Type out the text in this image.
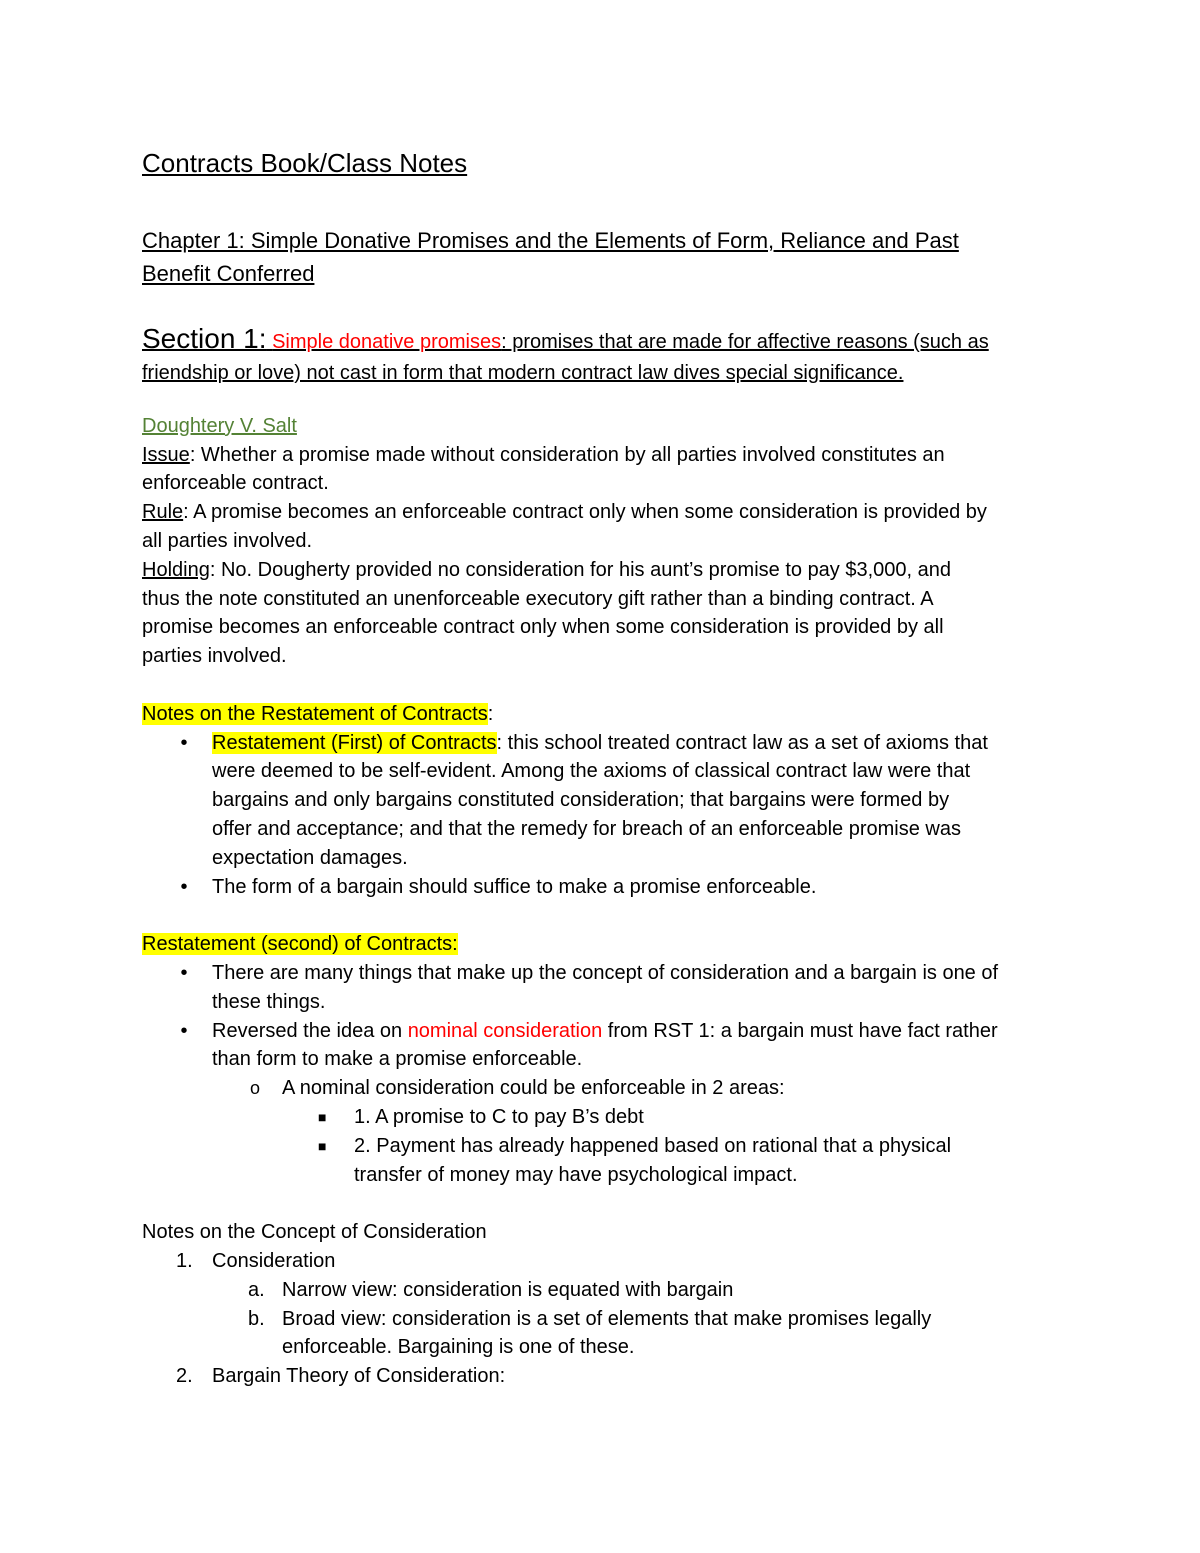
Contracts Book/Class Notes
Chapter 1: Simple Donative Promises and the Elements of Form, Reliance and Past
Benefit Conferred
Section 1: Simple donative promises: promises that are made for affective reasons (such as
friendship or love) not cast in form that modern contract law dives special significance.
Doughtery V. Salt
Issue: Whether a promise made without consideration by all parties involved constitutes an
enforceable contract.
Rule: A promise becomes an enforceable contract only when some consideration is provided by
all parties involved.
Holding: No. Dougherty provided no consideration for his aunt’s promise to pay $3,000, and
thus the note constituted an unenforceable executory gift rather than a binding contract. A
promise becomes an enforceable contract only when some consideration is provided by all
parties involved.
Notes on the Restatement of Contracts:
•	Restatement (First) of Contracts: this school treated contract law as a set of axioms that
were deemed to be self-evident. Among the axioms of classical contract law were that
bargains and only bargains constituted consideration; that bargains were formed by
offer and acceptance; and that the remedy for breach of an enforceable promise was
expectation damages.
•	The form of a bargain should suffice to make a promise enforceable.
Restatement (second) of Contracts:
•	There are many things that make up the concept of consideration and a bargain is one of
these things.
•	Reversed the idea on nominal consideration from RST 1: a bargain must have fact rather
than form to make a promise enforceable.
o	A nominal consideration could be enforceable in 2 areas:
■ 1. A promise to C to pay B’s debt
■ 2. Payment has already happened based on rational that a physical
transfer of money may have psychological impact.
Notes on the Concept of Consideration
1. Consideration
a. Narrow view: consideration is equated with bargain
b. Broad view: consideration is a set of elements that make promises legally
enforceable. Bargaining is one of these.
2. Bargain Theory of Consideration:
